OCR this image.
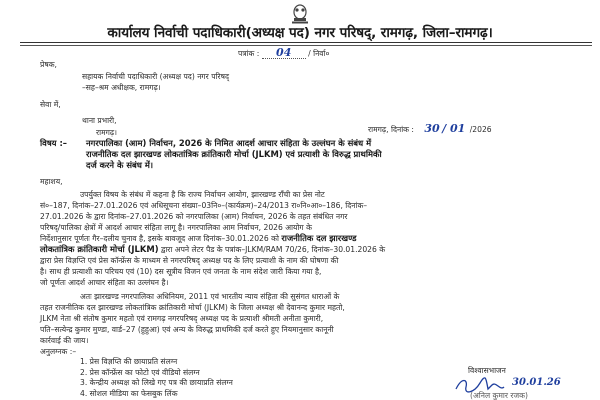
कार्यालय निर्वाची पदाधिकारी(अध्यक्ष पद) नगर परिषद्, रामगढ़, जिला–रामगढ़।
पत्रांक : 04 / निर्वा०
प्रेषक,
सहायक निर्वाची पदाधिकारी (अध्यक्ष पद) नगर परिषद्
–सह–श्रम अधीक्षक, रामगढ़।
सेवा में,
थाना प्रभारी,
रामगढ़।	रामगढ़, दिनांक : 30 / 01 /2026
विषय :– नगरपालिका (आम) निर्वाचन, 2026 के निमित आदर्श आचार संहिता के उल्लंघन के संबंध में
राजनीतिक दल झारखण्ड लोकतांत्रिक क्रांतिकारी मोर्चा (JLKM) एवं प्रत्याशी के विरुद्ध प्राथमिकी
दर्ज करने के संबंध में।
महाशय,
उपर्युक्त विषय के संबंध में कहना है कि राज्य निर्वाचन आयोग, झारखण्ड राँची का प्रेस नोट
सं०–187, दिनांक–27.01.2026 एवं अधिसूचना संख्या–03नि०–(कार्यक्रम)–24/2013 रा०नि०आ०–186, दिनांक–
27.01.2026 के द्वारा दिनांक–27.01.2026 को नगरपालिका (आम) निर्वाचन, 2026 के तहत संबंधित नगर
परिषद्/पालिका क्षेत्रों में आदर्श आचार संहिता लागू है। नगरपालिका आम निर्वाचन, 2026 आयोग के
निर्देशानुसार पूर्णतः गैर–दलीय चुनाव है, इसके बावजूद आज दिनांक–30.01.2026 को राजनीतिक दल झारखण्ड
लोकतांत्रिक क्रांतिकारी मोर्चा (JLKM) द्वारा अपने लेटर पैड के पत्रांक–JLKM/RAM 70/26, दिनांक–30.01.2026 के
द्वारा प्रेस विज्ञप्ति एवं प्रेस कॉन्फ्रेंस के माध्यम से नगरपरिषद् अध्यक्ष पद के लिए प्रत्याशी के नाम की घोषणा की
है। साथ ही प्रत्याशी का परिचय एवं (10) दस सूत्रीय विजन एवं जनता के नाम संदेश जारी किया गया है,
जो पूर्णतः आदर्श आचार संहिता का उल्लंघन है।
अतः झारखण्ड नगरपालिका अधिनियम, 2011 एवं भारतीय न्याय संहिता की सुसंगत धाराओं के
तहत राजनीतिक दल झारखण्ड लोकतांत्रिक क्रांतिकारी मोर्चा (JLKM) के जिला अध्यक्ष श्री देवानन्द कुमार महतो,
JLKM नेता श्री संतोष कुमार महतो एवं रामगढ़ नगरपरिषद् अध्यक्ष पद के प्रत्याशी श्रीमती अनीता कुमारी,
पति–सत्येन्द्र कुमार मुण्डा, वार्ड–27 (हुहुआ) एवं अन्य के विरुद्ध प्राथमिकी दर्ज करते हुए नियमानुसार कानूनी
कार्रवाई की जाय।
अनुलग्नक :–
1. प्रेस विज्ञप्ति की छायाप्रति संलग्न
2. प्रेस कॉन्फ्रेंस का फोटो एवं वीडियो संलग्न
3. केन्द्रीय अध्यक्ष को लिखे गए पत्र की छायाप्रति संलग्न
4. सोशल मीडिया का फेसबुक लिंक
विश्वासभाजन
30.01.26
(अनिल कुमार रजक)
